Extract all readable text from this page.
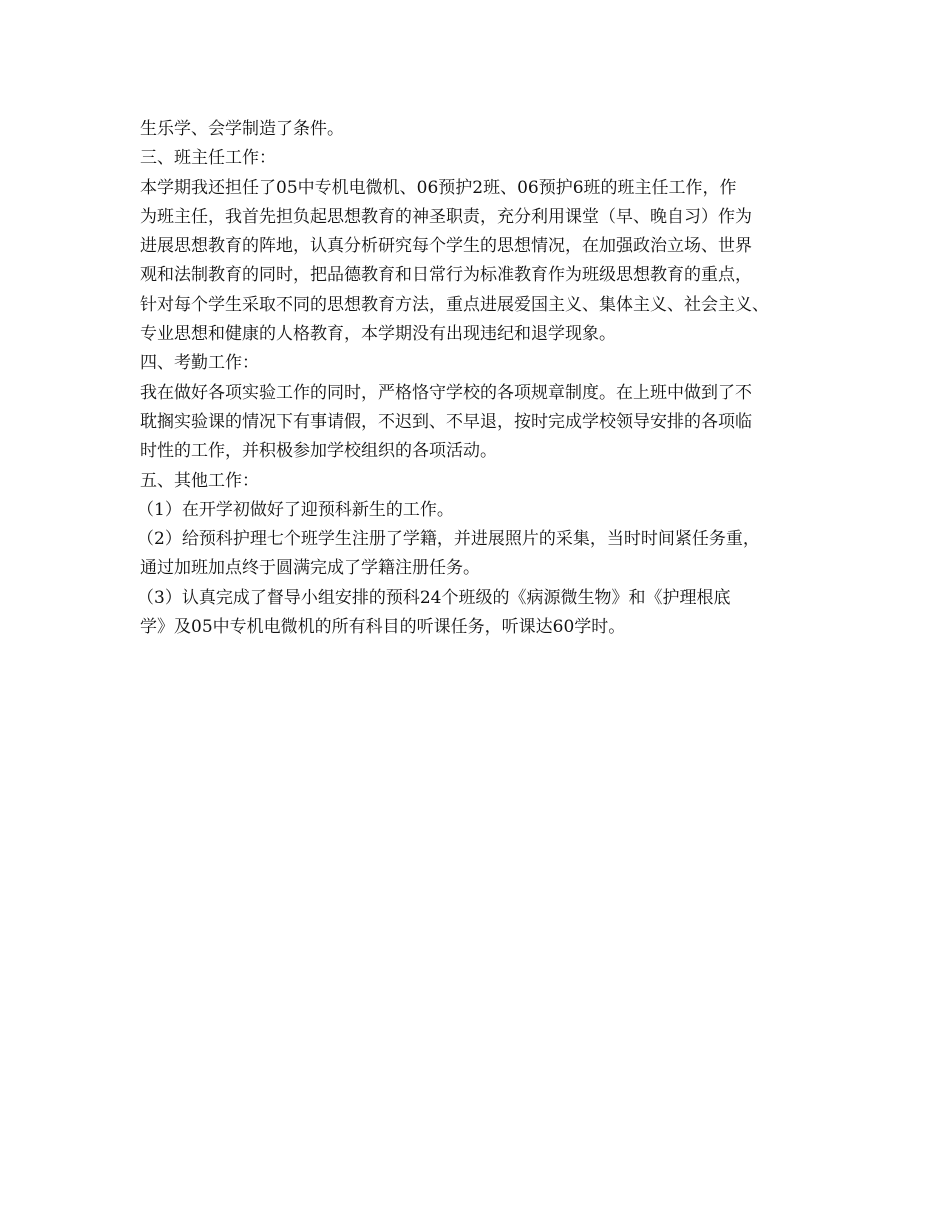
生乐学、会学制造了条件。
三、班主任工作：
本学期我还担任了05中专机电微机、06预护2班、06预护6班的班主任工作，作
为班主任，我首先担负起思想教育的神圣职责，充分利用课堂（早、晚自习）作为
进展思想教育的阵地，认真分析研究每个学生的思想情况，在加强政治立场、世界
观和法制教育的同时，把品德教育和日常行为标准教育作为班级思想教育的重点，
针对每个学生采取不同的思想教育方法，重点进展爱国主义、集体主义、社会主义、
专业思想和健康的人格教育，本学期没有出现违纪和退学现象。
四、考勤工作：
我在做好各项实验工作的同时，严格恪守学校的各项规章制度。在上班中做到了不
耽搁实验课的情况下有事请假，不迟到、不早退，按时完成学校领导安排的各项临
时性的工作，并积极参加学校组织的各项活动。
五、其他工作：
（1）在开学初做好了迎预科新生的工作。
（2）给预科护理七个班学生注册了学籍，并进展照片的采集，当时时间紧任务重，
通过加班加点终于圆满完成了学籍注册任务。
（3）认真完成了督导小组安排的预科24个班级的《病源微生物》和《护理根底
学》及05中专机电微机的所有科目的听课任务，听课达60学时。
